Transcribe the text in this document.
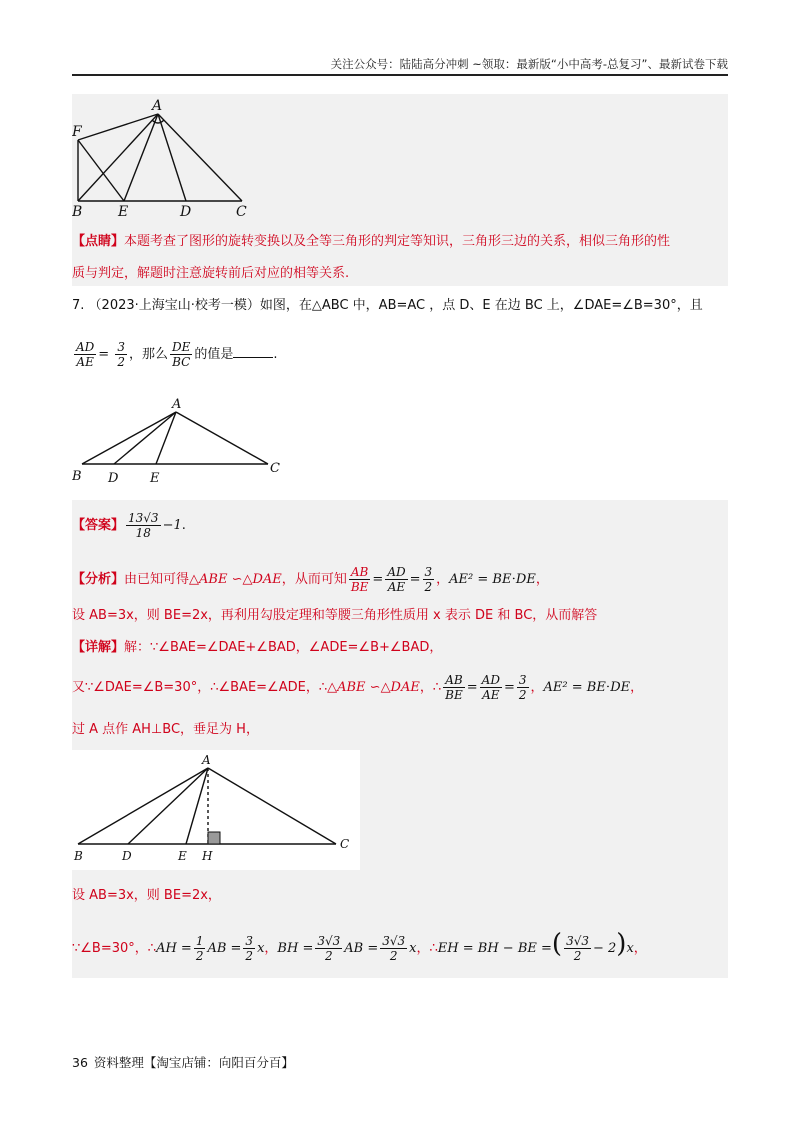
关注公众号：陆陆高分冲刺 ~领取：最新版“小中高考-总复习”、最新试卷下载
A
F
B	E	D	C
【点睛】本题考查了图形的旋转变换以及全等三角形的判定等知识，三角形三边的关系，相似三角形的性
质与判定，解题时注意旋转前后对应的相等关系.
7. （2023·上海宝山·校考一模）如图，在△ABC 中，AB=AC ，点 D、E 在边 BC 上，∠DAE=∠B=30°，且
$\frac{AD}{AE} = \frac{3}{2}$ ，那么 $\frac{DE}{BC}$ 的值是	.
A
B D E
C
【答案】 $\frac{13√3}{18} -1$.
【分析】由已知可得△ABE ∽△DAE，从而可知 $\frac{AB}{BE} = \frac{AD}{AE} = \frac{3}{2}$ ，AE² = BE⋅DE，
设 AB=3x，则 BE=2x，再利用勾股定理和等腰三角形性质用 x 表示 DE 和 BC，从而解答
【详解】解：∵∠BAE=∠DAE+∠BAD，∠ADE=∠B+∠BAD，
又∵∠DAE=∠B=30°，∴∠BAE=∠ADE，∴△ABE ∽△DAE，∴ $\frac{AB}{BE} = \frac{AD}{AE} = \frac{3}{2}$ ，AE² = BE⋅DE，
过 A 点作 AH⊥BC，垂足为 H，
A
B	D	E H
C
设 AB=3x，则 BE=2x，
∵∠B=30°，∴AH = $\frac{1}{2}$ AB = $\frac{3}{2}$ x，BH = $\frac{3√3}{2}$ AB = $\frac{3√3}{2}$ x，∴EH = BH − BE =( $\frac{3√3}{2} - 2)x$，
36 资料整理【淘宝店铺：向阳百分百】
